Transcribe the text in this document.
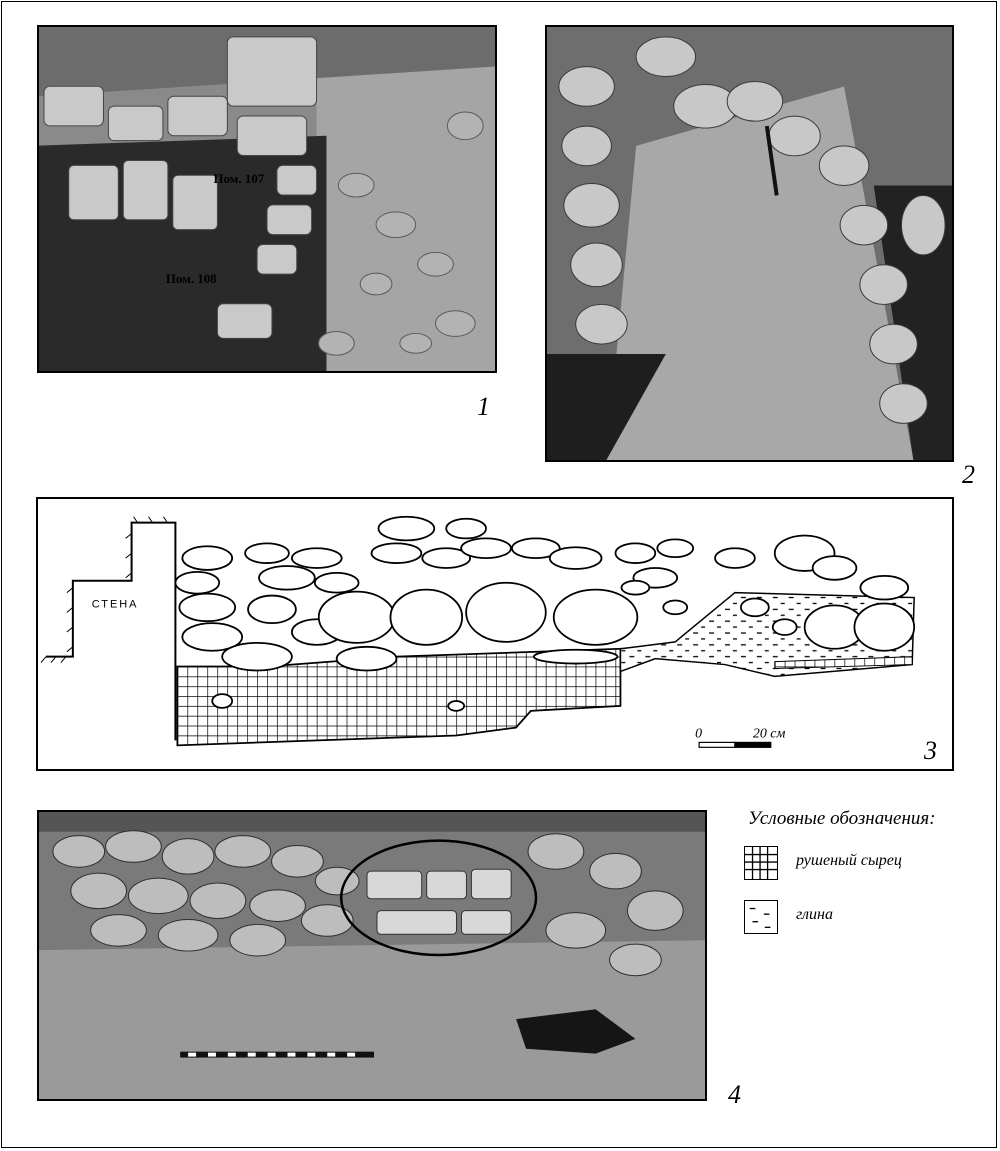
Пом. 107
Пом. 108
1
2
СТЕНА
0	20 см
3
4
Условные обозначения:
рушеный сырец
глина
